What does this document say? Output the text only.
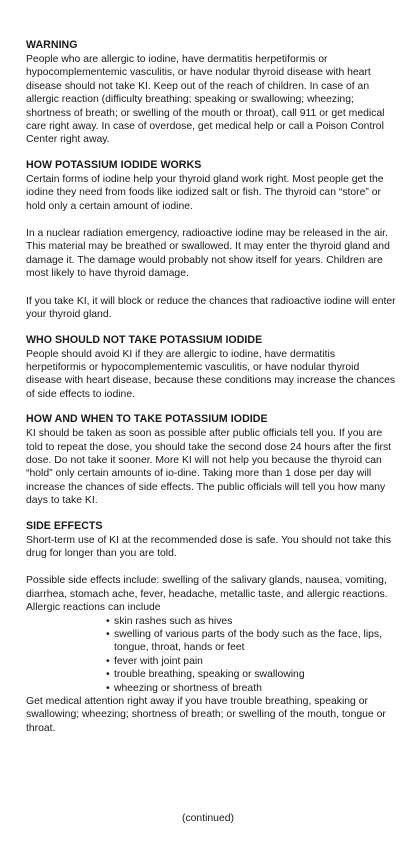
WARNING

People who are allergic to iodine, have dermatitis herpetiformis or hypocomplementemic vasculitis, or have nodular thyroid disease with heart disease should not take KI. Keep out of the reach of children. In case of an allergic reaction (difficulty breathing; speaking or swallowing; wheezing; shortness of breath; or swelling of the mouth or throat), call 911 or get medical care right away. In case of overdose, get medical help or call a Poison Control Center right away.

HOW POTASSIUM IODIDE WORKS

Certain forms of iodine help your thyroid gland work right. Most people get the iodine they need from foods like iodized salt or fish. The thyroid can “store” or hold only a certain amount of iodine.

In a nuclear radiation emergency, radioactive iodine may be released in the air. This material may be breathed or swallowed. It may enter the thyroid gland and damage it. The damage would probably not show itself for years. Children are most likely to have thyroid damage.

If you take KI, it will block or reduce the chances that radioactive iodine will enter your thyroid gland.

WHO SHOULD NOT TAKE POTASSIUM IODIDE

People should avoid KI if they are allergic to iodine, have dermatitis herpetiformis or hypocomplementemic vasculitis, or have nodular thyroid disease with heart disease, because these conditions may increase the chances of side effects to iodine.

HOW AND WHEN TO TAKE POTASSIUM IODIDE

KI should be taken as soon as possible after public officials tell you. If you are told to repeat the dose, you should take the second dose 24 hours after the first dose. Do not take it sooner. More KI will not help you because the thyroid can “hold” only certain amounts of io-dine. Taking more than 1 dose per day will increase the chances of side effects. The public officials will tell you how many days to take KI.

SIDE EFFECTS

Short-term use of KI at the recommended dose is safe. You should not take this drug for longer than you are told.

Possible side effects include: swelling of the salivary glands, nausea, vomiting, diarrhea, stomach ache, fever, headache, metallic taste, and allergic reactions. Allergic reactions can include

• skin rashes such as hives
• swelling of various parts of the body such as the face, lips, tongue, throat, hands or feet
• fever with joint pain
• trouble breathing, speaking or swallowing
• wheezing or shortness of breath

Get medical attention right away if you have trouble breathing, speaking or swallowing; wheezing; shortness of breath; or swelling of the mouth, tongue or throat.

(continued)
